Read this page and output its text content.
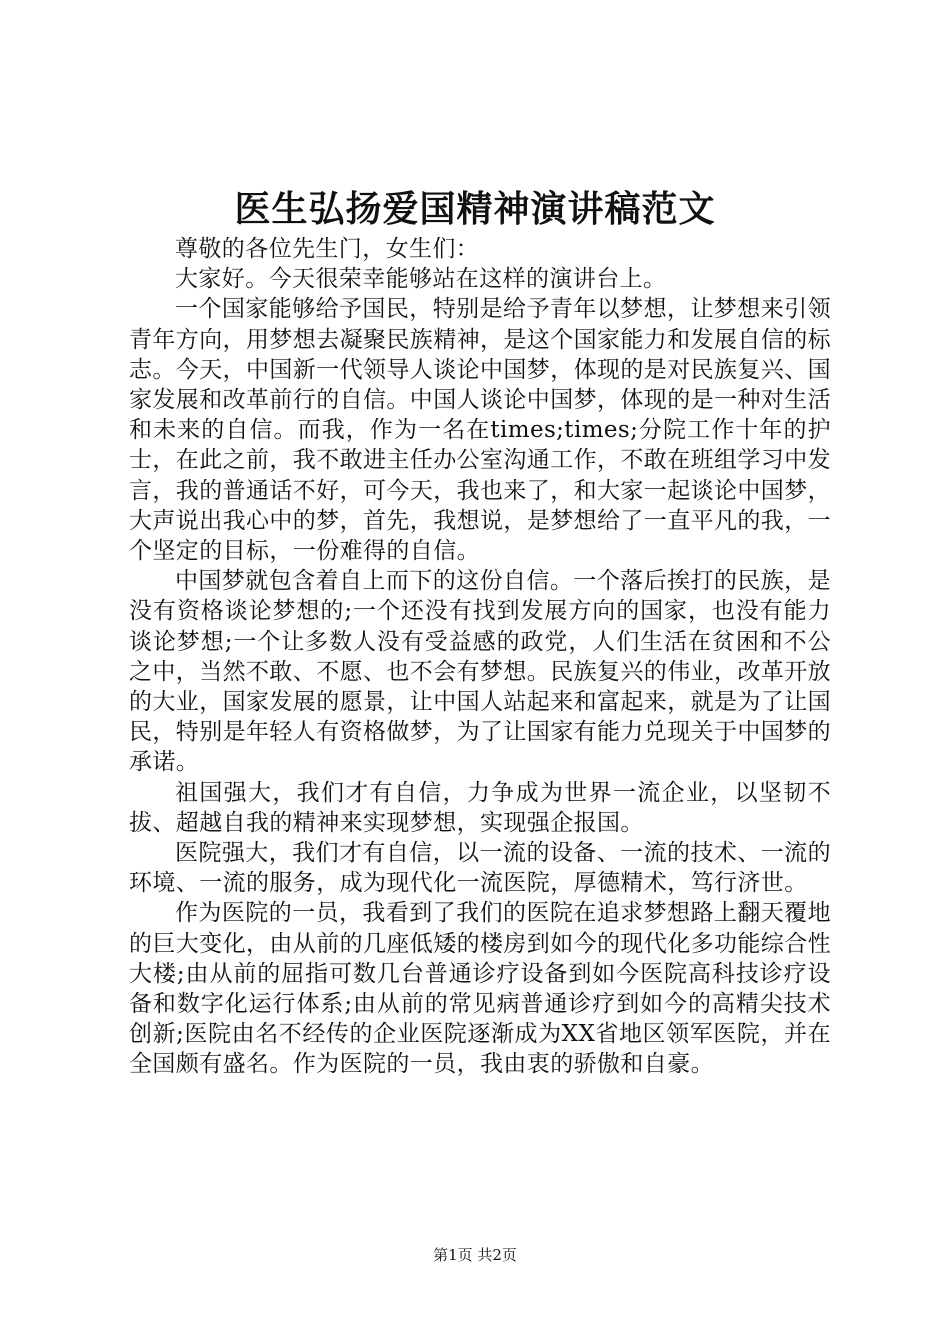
医生弘扬爱国精神演讲稿范文

尊敬的各位先生门，女生们：

大家好。今天很荣幸能够站在这样的演讲台上。

一个国家能够给予国民，特别是给予青年以梦想，让梦想来引领青年方向，用梦想去凝聚民族精神，是这个国家能力和发展自信的标志。今天，中国新一代领导人谈论中国梦，体现的是对民族复兴、国家发展和改革前行的自信。中国人谈论中国梦，体现的是一种对生活和未来的自信。而我，作为一名在times;times;分院工作十年的护士，在此之前，我不敢进主任办公室沟通工作，不敢在班组学习中发言，我的普通话不好，可今天，我也来了，和大家一起谈论中国梦，大声说出我心中的梦，首先，我想说，是梦想给了一直平凡的我，一个坚定的目标，一份难得的自信。

中国梦就包含着自上而下的这份自信。一个落后挨打的民族，是没有资格谈论梦想的;一个还没有找到发展方向的国家，也没有能力谈论梦想;一个让多数人没有受益感的政党，人们生活在贫困和不公之中，当然不敢、不愿、也不会有梦想。民族复兴的伟业，改革开放的大业，国家发展的愿景，让中国人站起来和富起来，就是为了让国民，特别是年轻人有资格做梦，为了让国家有能力兑现关于中国梦的承诺。

祖国强大，我们才有自信，力争成为世界一流企业，以坚韧不拔、超越自我的精神来实现梦想，实现强企报国。

医院强大，我们才有自信，以一流的设备、一流的技术、一流的环境、一流的服务，成为现代化一流医院，厚德精术，笃行济世。

作为医院的一员，我看到了我们的医院在追求梦想路上翻天覆地的巨大变化，由从前的几座低矮的楼房到如今的现代化多功能综合性大楼;由从前的屈指可数几台普通诊疗设备到如今医院高科技诊疗设备和数字化运行体系;由从前的常见病普通诊疗到如今的高精尖技术创新;医院由名不经传的企业医院逐渐成为XX省地区领军医院，并在全国颇有盛名。作为医院的一员，我由衷的骄傲和自豪。

第1页 共2页
